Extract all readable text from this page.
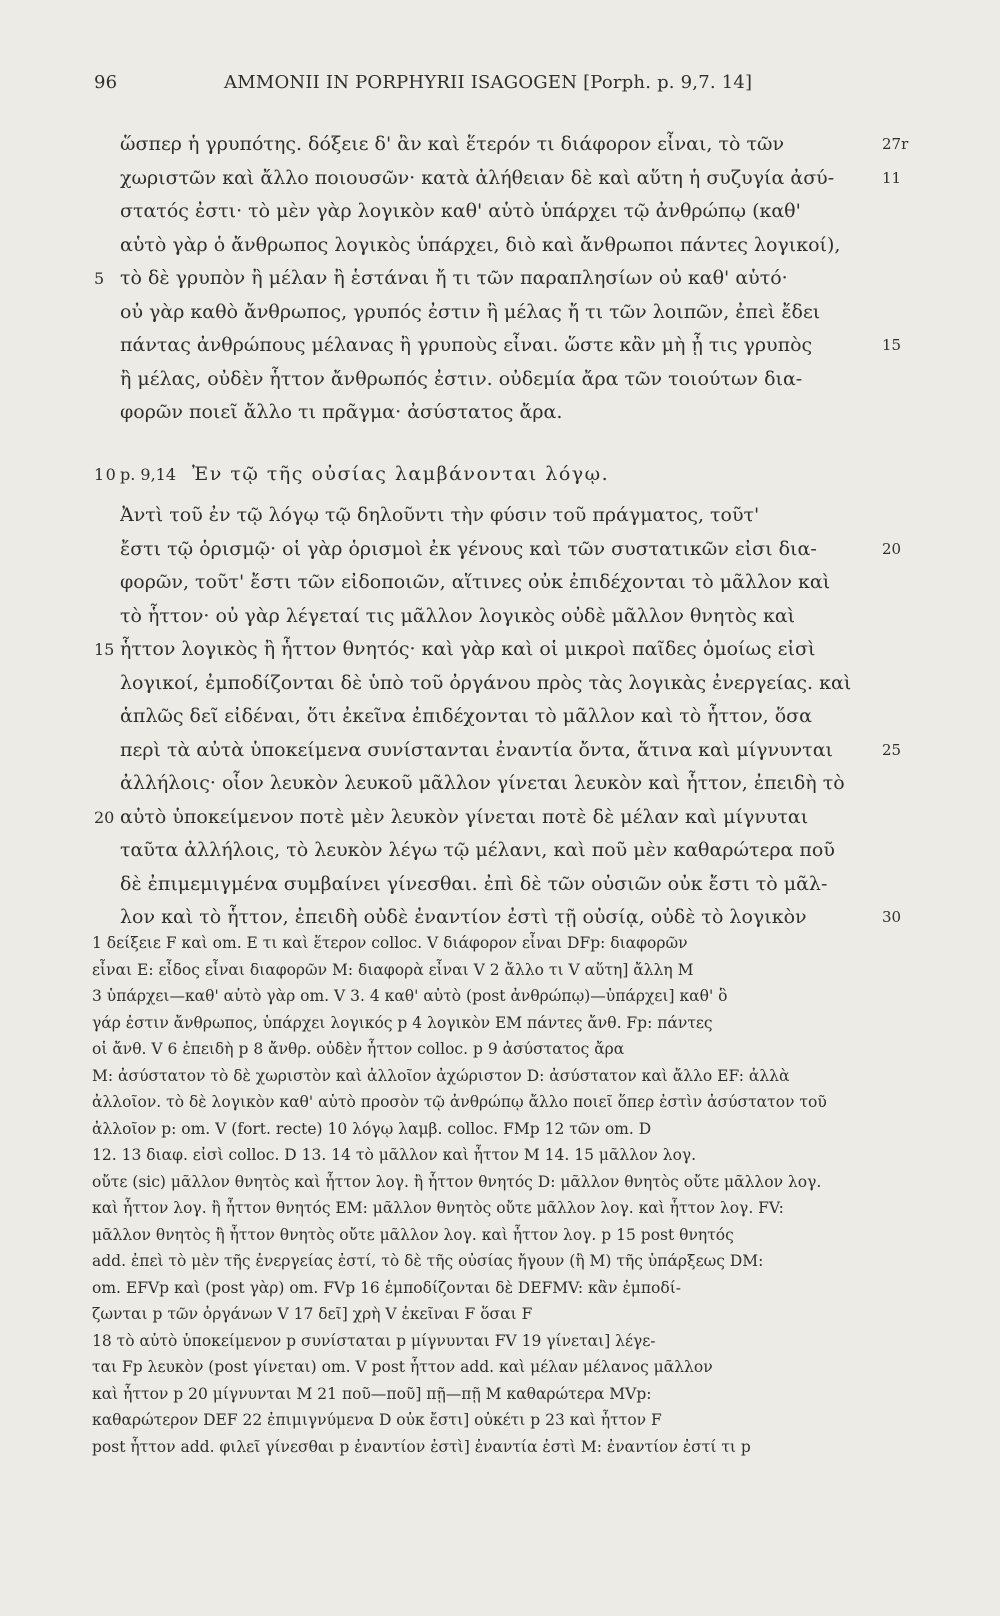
96	AMMONII IN PORPHYRII ISAGOGEN [Porph. p. 9,7. 14]
ὥσπερ ἡ γρυπότης. δόξειε δ' ἂν καὶ ἕτερόν τι διάφορον εἶναι, τὸ τῶν	27r
χωριστῶν καὶ ἄλλο ποιουσῶν· κατὰ ἀλήθειαν δὲ καὶ αὕτη ἡ συζυγία ἀσύ-	11
στατός ἐστι· τὸ μὲν γὰρ λογικὸν καθ' αὑτὸ ὑπάρχει τῷ ἀνθρώπῳ (καθ'
αὑτὸ γὰρ ὁ ἄνθρωπος λογικὸς ὑπάρχει, διὸ καὶ ἄνθρωποι πάντες λογικοί),
τὸ δὲ γρυπὸν ἢ μέλαν ἢ ἑστάναι ἤ τι τῶν παραπλησίων οὐ καθ' αὑτό·
5
οὐ γὰρ καθὸ ἄνθρωπος, γρυπός ἐστιν ἢ μέλας ἤ τι τῶν λοιπῶν, ἐπεὶ ἔδει
πάντας ἀνθρώπους μέλανας ἢ γρυποὺς εἶναι. ὥστε κἂν μὴ ᾖ τις γρυπὸς	15
ἢ μέλας, οὐδὲν ἧττον ἄνθρωπός ἐστιν. οὐδεμία ἄρα τῶν τοιούτων δια-
φορῶν ποιεῖ ἄλλο τι πρᾶγμα· ἀσύστατος ἄρα.
10 p. 9,14 Ἐν τῷ τῆς οὐσίας λαμβάνονται λόγῳ.
Ἀντὶ τοῦ ἐν τῷ λόγῳ τῷ δηλοῦντι τὴν φύσιν τοῦ πράγματος, τοῦτ'
ἔστι τῷ ὁρισμῷ· οἱ γὰρ ὁρισμοὶ ἐκ γένους καὶ τῶν συστατικῶν εἰσι δια-	20
φορῶν, τοῦτ' ἔστι τῶν εἰδοποιῶν, αἵτινες οὐκ ἐπιδέχονται τὸ μᾶλλον καὶ
τὸ ἧττον· οὐ γὰρ λέγεταί τις μᾶλλον λογικὸς οὐδὲ μᾶλλον θνητὸς καὶ
ἧττον λογικὸς ἢ ἧττον θνητός· καὶ γὰρ καὶ οἱ μικροὶ παῖδες ὁμοίως εἰσὶ
15
λογικοί, ἐμποδίζονται δὲ ὑπὸ τοῦ ὀργάνου πρὸς τὰς λογικὰς ἐνεργείας. καὶ
ἁπλῶς δεῖ εἰδέναι, ὅτι ἐκεῖνα ἐπιδέχονται τὸ μᾶλλον καὶ τὸ ἧττον, ὅσα
περὶ τὰ αὐτὰ ὑποκείμενα συνίστανται ἐναντία ὄντα, ἅτινα καὶ μίγνυνται	25
ἀλλήλοις· οἷον λευκὸν λευκοῦ μᾶλλον γίνεται λευκὸν καὶ ἧττον, ἐπειδὴ τὸ
αὐτὸ ὑποκείμενον ποτὲ μὲν λευκὸν γίνεται ποτὲ δὲ μέλαν καὶ μίγνυται
20
ταῦτα ἀλλήλοις, τὸ λευκὸν λέγω τῷ μέλανι, καὶ ποῦ μὲν καθαρώτερα ποῦ
δὲ ἐπιμεμιγμένα συμβαίνει γίνεσθαι. ἐπὶ δὲ τῶν οὐσιῶν οὐκ ἔστι τὸ μᾶλ-
λον καὶ τὸ ἧττον, ἐπειδὴ οὐδὲ ἐναντίον ἐστὶ τῇ οὐσίᾳ, οὐδὲ τὸ λογικὸν	30
1 δείξειε F καὶ om. E τι καὶ ἕτερον colloc. V διάφορον εἶναι DFp: διαφορῶν
εἶναι E: εἶδος εἶναι διαφορῶν M: διαφορὰ εἶναι V 2 ἄλλο τι V αὕτη] ἄλλη M
3 ὑπάρχει—καθ' αὑτὸ γὰρ om. V 3. 4 καθ' αὑτὸ (post ἀνθρώπῳ)—ὑπάρχει] καθ' ὃ
γάρ ἐστιν ἄνθρωπος, ὑπάρχει λογικός p 4 λογικὸν EM πάντες ἄνθ. Fp: πάντες
οἱ ἄνθ. V 6 ἐπειδὴ p 8 ἄνθρ. οὐδὲν ἧττον colloc. p 9 ἀσύστατος ἄρα
M: ἀσύστατον τὸ δὲ χωριστὸν καὶ ἀλλοῖον ἀχώριστον D: ἀσύστατον καὶ ἄλλο EF: ἀλλὰ
ἀλλοῖον. τὸ δὲ λογικὸν καθ' αὑτὸ προσὸν τῷ ἀνθρώπῳ ἄλλο ποιεῖ ὅπερ ἐστὶν ἀσύστατον τοῦ
ἀλλοῖον p: om. V (fort. recte) 10 λόγῳ λαμβ. colloc. FMp 12 τῶν om. D
12. 13 διαφ. εἰσὶ colloc. D 13. 14 τὸ μᾶλλον καὶ ἧττον M 14. 15 μᾶλλον λογ.
οὔτε (sic) μᾶλλον θνητὸς καὶ ἧττον λογ. ἢ ἧττον θνητός D: μᾶλλον θνητὸς οὔτε μᾶλλον λογ.
καὶ ἧττον λογ. ἢ ἧττον θνητός EM: μᾶλλον θνητὸς οὔτε μᾶλλον λογ. καὶ ἧττον λογ. FV:
μᾶλλον θνητὸς ἢ ἧττον θνητὸς οὔτε μᾶλλον λογ. καὶ ἧττον λογ. p 15 post θνητός
add. ἐπεὶ τὸ μὲν τῆς ἐνεργείας ἐστί, τὸ δὲ τῆς οὐσίας ἤγουν (ἢ M) τῆς ὑπάρξεως DM:
om. EFVp καὶ (post γὰρ) om. FVp 16 ἐμποδίζονται δὲ DEFMV: κἂν ἐμποδί-
ζωνται p τῶν ὀργάνων V 17 δεῖ] χρὴ V ἐκεῖναι F ὅσαι F
18 τὸ αὐτὸ ὑποκείμενον p συνίσταται p μίγνυνται FV 19 γίνεται] λέγε-
ται Fp λευκὸν (post γίνεται) om. V post ἧττον add. καὶ μέλαν μέλανος μᾶλλον
καὶ ἧττον p 20 μίγνυνται M 21 ποῦ—ποῦ] πῇ—πῇ M καθαρώτερα MVp:
καθαρώτερον DEF 22 ἐπιμιγνύμενα D οὐκ ἔστι] οὐκέτι p 23 καὶ ἧττον F
post ἧττον add. φιλεῖ γίνεσθαι p ἐναντίον ἐστὶ] ἐναντία ἐστὶ M: ἐναντίον ἐστί τι p
